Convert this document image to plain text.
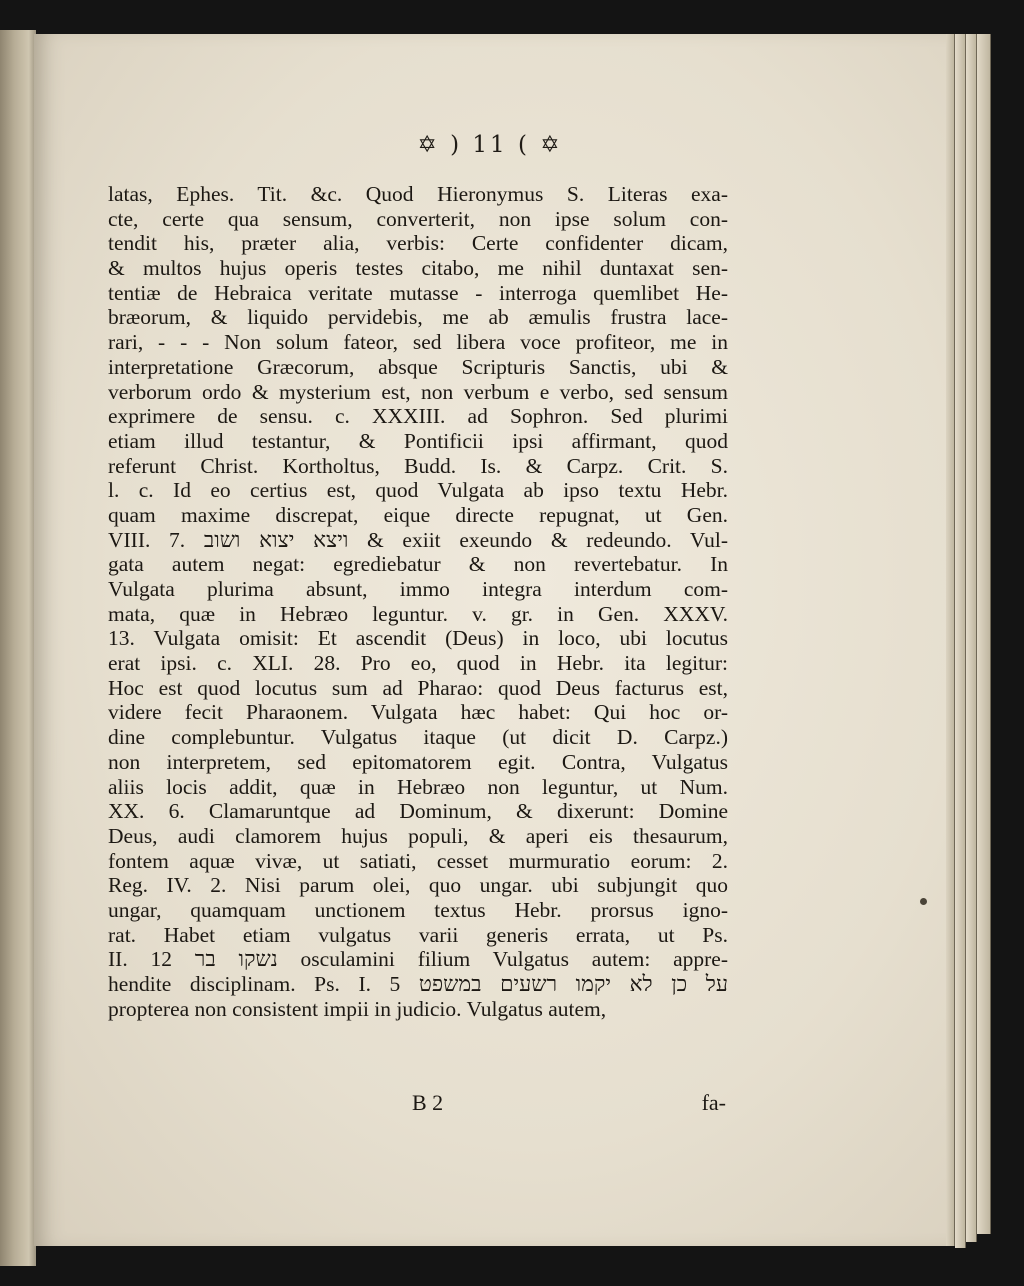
✡ ) 11 ( ✡
latas, Ephes. Tit. &c. Quod Hieronymus S. Literas exa-
cte, certe qua sensum, converterit, non ipse solum con-
tendit his, præter alia, verbis: Certe confidenter dicam,
& multos hujus operis testes citabo, me nihil duntaxat sen-
tentiæ de Hebraica veritate mutasse - interroga quemlibet He-
bræorum, & liquido pervidebis, me ab æmulis frustra lace-
rari, - - - Non solum fateor, sed libera voce profiteor, me in
interpretatione Græcorum, absque Scripturis Sanctis, ubi &
verborum ordo & mysterium est, non verbum e verbo, sed sensum
exprimere de sensu. c. XXXIII. ad Sophron. Sed plurimi
etiam illud testantur, & Pontificii ipsi affirmant, quod
referunt Christ. Kortholtus, Budd. Is. & Carpz. Crit. S.
l. c. Id eo certius est, quod Vulgata ab ipso textu Hebr.
quam maxime discrepat, eique directe repugnat, ut Gen.
VIII. 7. ויצא יצוא ושוב & exiit exeundo & redeundo. Vul-
gata autem negat: egrediebatur & non revertebatur. In
Vulgata plurima absunt, immo integra interdum com-
mata, quæ in Hebræo leguntur. v. gr. in Gen. XXXV.
13. Vulgata omisit: Et ascendit (Deus) in loco, ubi locutus
erat ipsi. c. XLI. 28. Pro eo, quod in Hebr. ita legitur:
Hoc est quod locutus sum ad Pharao: quod Deus facturus est,
videre fecit Pharaonem. Vulgata hæc habet: Qui hoc or-
dine complebuntur. Vulgatus itaque (ut dicit D. Carpz.)
non interpretem, sed epitomatorem egit. Contra, Vulgatus
aliis locis addit, quæ in Hebræo non leguntur, ut Num.
XX. 6. Clamaruntque ad Dominum, & dixerunt: Domine
Deus, audi clamorem hujus populi, & aperi eis thesaurum,
fontem aquæ vivæ, ut satiati, cesset murmuratio eorum: 2.
Reg. IV. 2. Nisi parum olei, quo ungar. ubi subjungit quo
ungar, quamquam unctionem textus Hebr. prorsus igno-
rat. Habet etiam vulgatus varii generis errata, ut Ps.
II. 12 נשקו בר osculamini filium Vulgatus autem: appre-
hendite disciplinam. Ps. I. 5 על כן לא יקמו רשעים במשפט
propterea non consistent impii in judicio. Vulgatus autem,
B 2	fa-
